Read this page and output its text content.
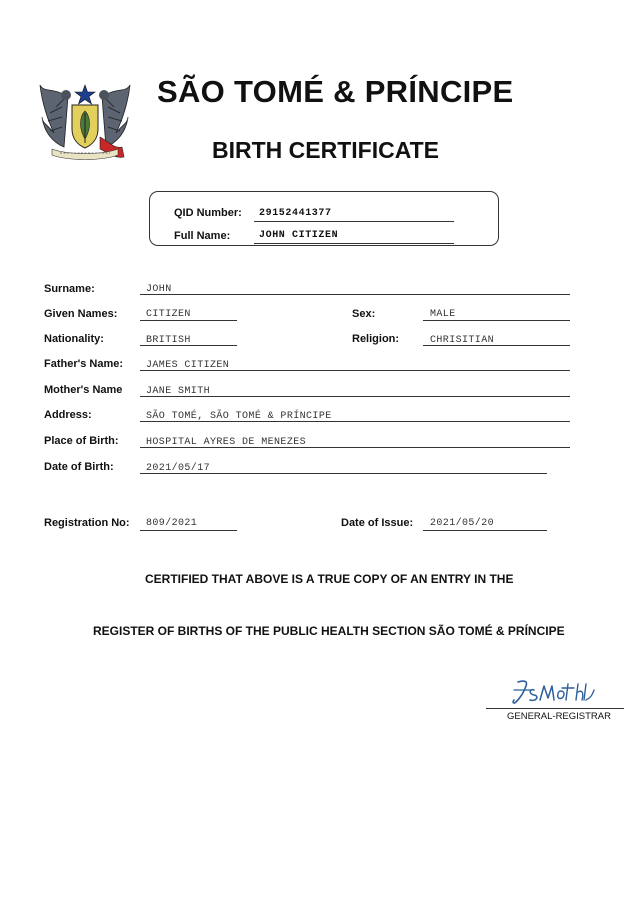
SÃO TOMÉ & PRÍNCIPE
BIRTH CERTIFICATE
QID Number: 29152441377
Full Name:	JOHN CITIZEN
Surname:	JOHN
Given Names:	CITIZEN	Sex:	MALE
Nationality:	BRITISH	Religion:	CHRISITIAN
Father's Name: JAMES CITIZEN
Mother's Name JANE SMITH
Address:	SÃO TOMÉ, SÃO TOMÉ & PRÍNCIPE
Place of Birth:	HOSPITAL AYRES DE MENEZES
Date of Birth:	2021/05/17
Registration No: 809/2021	Date of Issue: 2021/05/20
CERTIFIED THAT ABOVE IS A TRUE COPY OF AN ENTRY IN THE
REGISTER OF BIRTHS OF THE PUBLIC HEALTH SECTION SÃO TOMÉ & PRÍNCIPE
GENERAL-REGISTRAR
